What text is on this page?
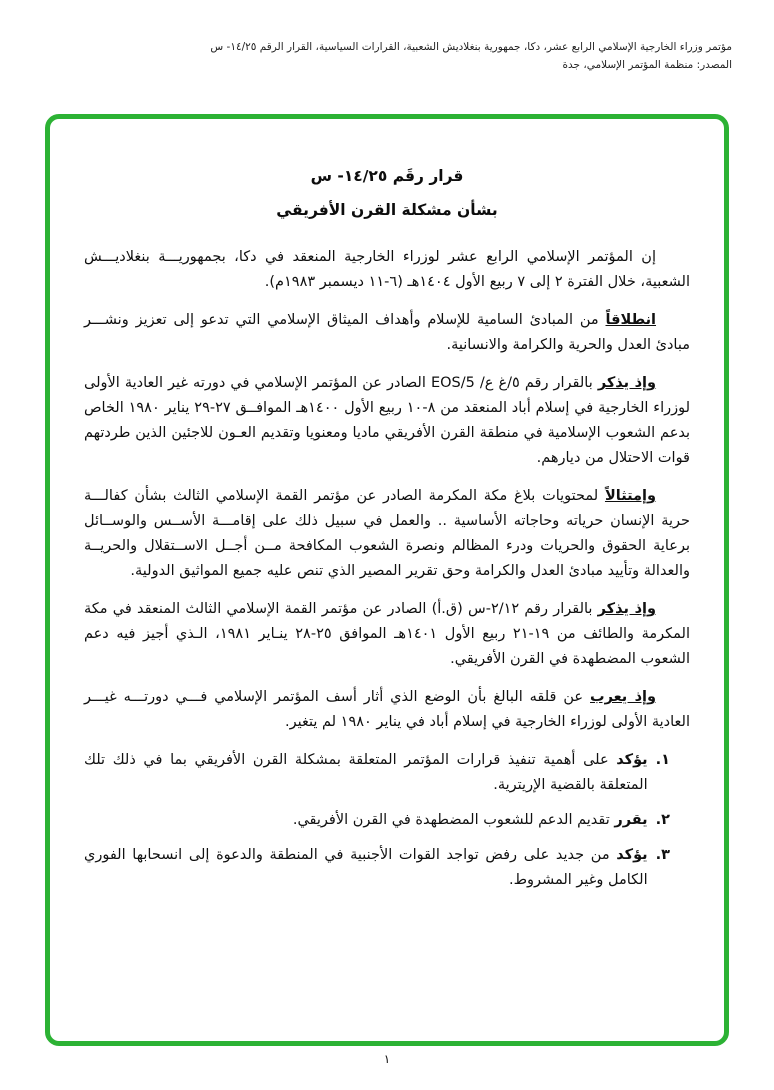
مؤتمر وزراء الخارجية الإسلامي الرابع عشر، دكا، جمهورية بنغلاديش الشعبية، القرارات السياسية، القرار الرقم ١٤/٢٥- س
المصدر: منظمة المؤتمر الإسلامي، جدة
قرار رقَم ١٤/٢٥- س
بشأن مشكلة القرن الأفريقي

إن المؤتمر الإسلامي الرابع عشر لوزراء الخارجية المنعقد في دكا، بجمهوريـــة بنغلاديـــش الشعبية، خلال الفترة ٢ إلى ٧ ربيع الأول ١٤٠٤هـ (٦-١١ ديسمبر ١٩٨٣م).

انطلاقاً من المبادئ السامية للإسلام وأهداف الميثاق الإسلامي التي تدعو إلى تعزيز ونشـــر مبادئ العدل والحرية والكرامة والانسانية.

وإذ يذكر بالقرار رقم ٥/غ ع/ 5/EOS الصادر عن المؤتمر الإسلامي في دورته غير العادية الأولى لوزراء الخارجية في إسلام أباد المنعقد من ٨-١٠ ربيع الأول ١٤٠٠هـ الموافــق ٢٧-٢٩ يناير ١٩٨٠ الخاص بدعم الشعوب الإسلامية في منطقة القرن الأفريقي ماديا ومعنويا وتقديم العـون للاجئين الذين طردتهم قوات الاحتلال من ديارهم.

وإمتثالاً لمحتويات بلاغ مكة المكرمة الصادر عن مؤتمر القمة الإسلامي الثالث بشأن كفالـــة حرية الإنسان حرياته وحاجاته الأساسية .. والعمل في سبيل ذلك على إقامـــة الأســس والوســائل برعاية الحقوق والحريات ودرء المظالم ونصرة الشعوب المكافحة مــن أجــل الاســتقلال والحريــة والعدالة وتأييد مبادئ العدل والكرامة وحق تقرير المصير الذي تنص عليه جميع المواثيق الدولية.

وإذ يذكر بالقرار رقم ٢/١٢-س (ق.أ) الصادر عن مؤتمر القمة الإسلامي الثالث المنعقد في مكة المكرمة والطائف من ١٩-٢١ ربيع الأول ١٤٠١هـ الموافق ٢٥-٢٨ ينـاير ١٩٨١، الـذي أجيز فيه دعم الشعوب المضطهدة في القرن الأفريقي.

وإذ يعرب عن قلقه البالغ بأن الوضع الذي أثار أسف المؤتمر الإسلامي فـــي دورتـــه غيـــر العادية الأولى لوزراء الخارجية في إسلام أباد في يناير ١٩٨٠ لم يتغير.

١.
يؤكد على أهمية تنفيذ قرارات المؤتمر المتعلقة بمشكلة القرن الأفريقي بما في ذلك تلك المتعلقة بالقضية الإريترية.
٢.
يقرر تقديم الدعم للشعوب المضطهدة في القرن الأفريقي.
٣.
يؤكد من جديد على رفض تواجد القوات الأجنبية في المنطقة والدعوة إلى انسحابها الفوري الكامل وغير المشروط.
١
